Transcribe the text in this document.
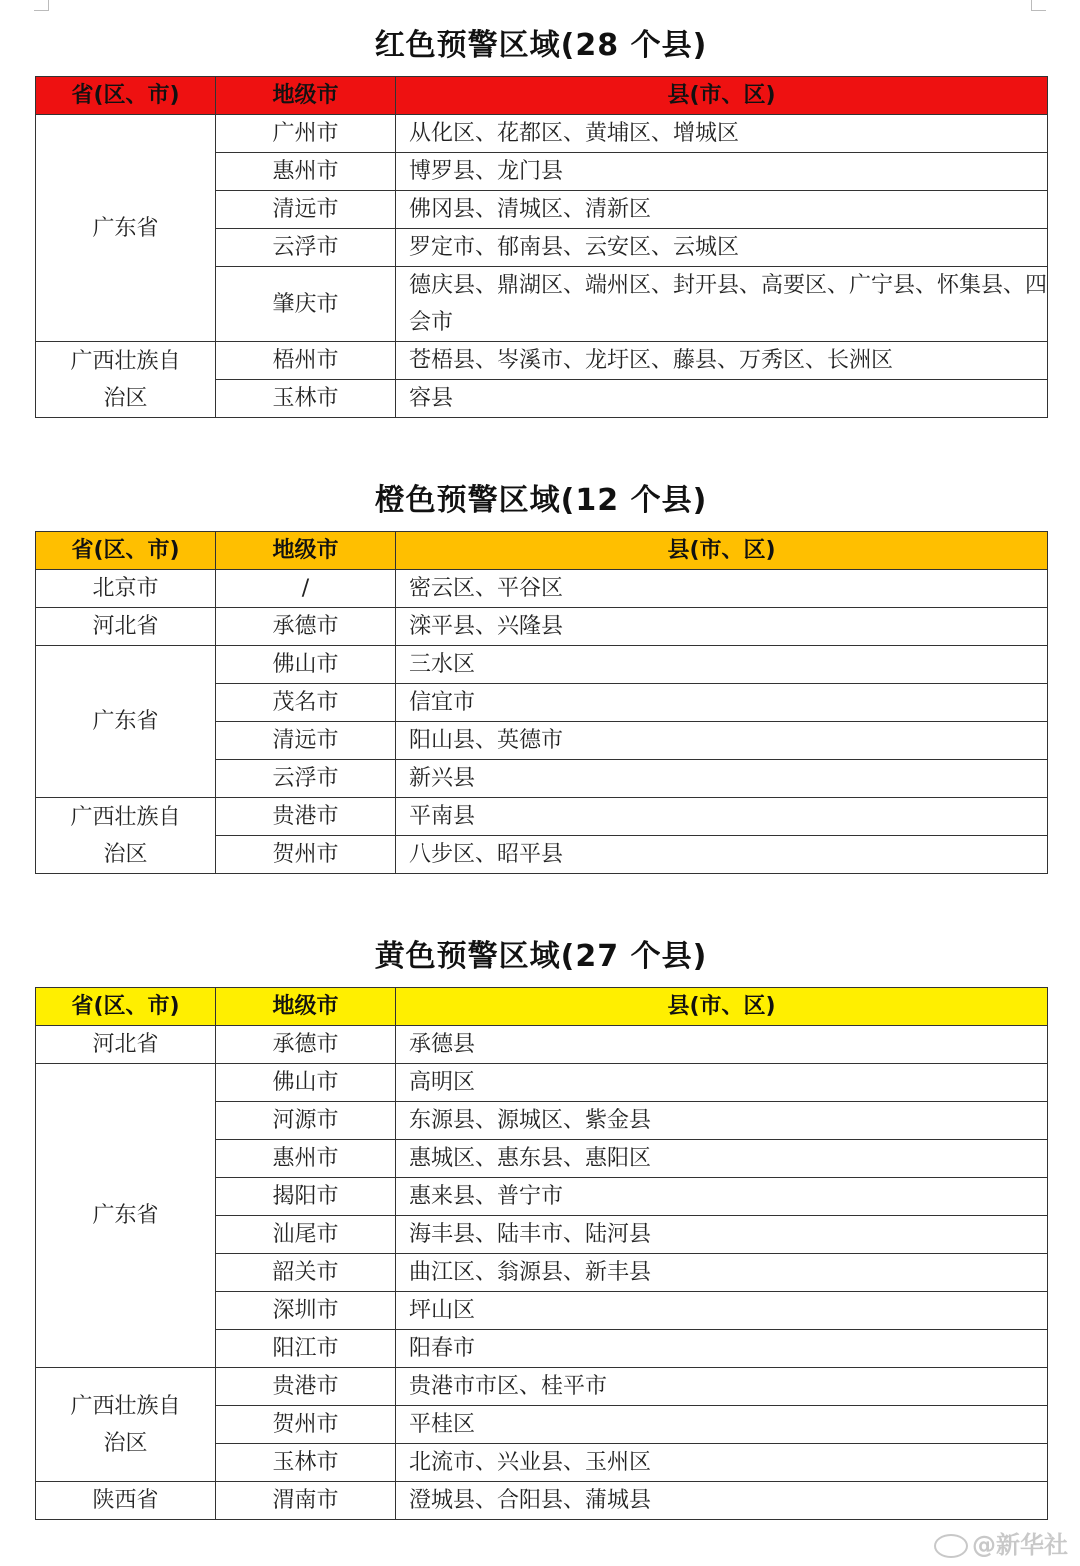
红色预警区域(28 个县)
省(区、市)	地级市	县(市、区)
广东省	广州市	从化区、花都区、黄埔区、增城区
	惠州市	博罗县、龙门县
	清远市	佛冈县、清城区、清新区
	云浮市	罗定市、郁南县、云安区、云城区
	肇庆市	德庆县、鼎湖区、端州区、封开县、高要区、广宁县、怀集县、四会市
广西壮族自治区	梧州市	苍梧县、岑溪市、龙圩区、藤县、万秀区、长洲区
	玉林市	容县
橙色预警区域(12 个县)
省(区、市)	地级市	县(市、区)
北京市	/	密云区、平谷区
河北省	承德市	滦平县、兴隆县
广东省	佛山市	三水区
	茂名市	信宜市
	清远市	阳山县、英德市
	云浮市	新兴县
广西壮族自治区	贵港市	平南县
	贺州市	八步区、昭平县
黄色预警区域(27 个县)
省(区、市)	地级市	县(市、区)
河北省	承德市	承德县
广东省	佛山市	高明区
	河源市	东源县、源城区、紫金县
	惠州市	惠城区、惠东县、惠阳区
	揭阳市	惠来县、普宁市
	汕尾市	海丰县、陆丰市、陆河县
	韶关市	曲江区、翁源县、新丰县
	深圳市	坪山区
	阳江市	阳春市
广西壮族自治区	贵港市	贵港市市区、桂平市
	贺州市	平桂区
	玉林市	北流市、兴业县、玉州区
陕西省	渭南市	澄城县、合阳县、蒲城县
@新华社
